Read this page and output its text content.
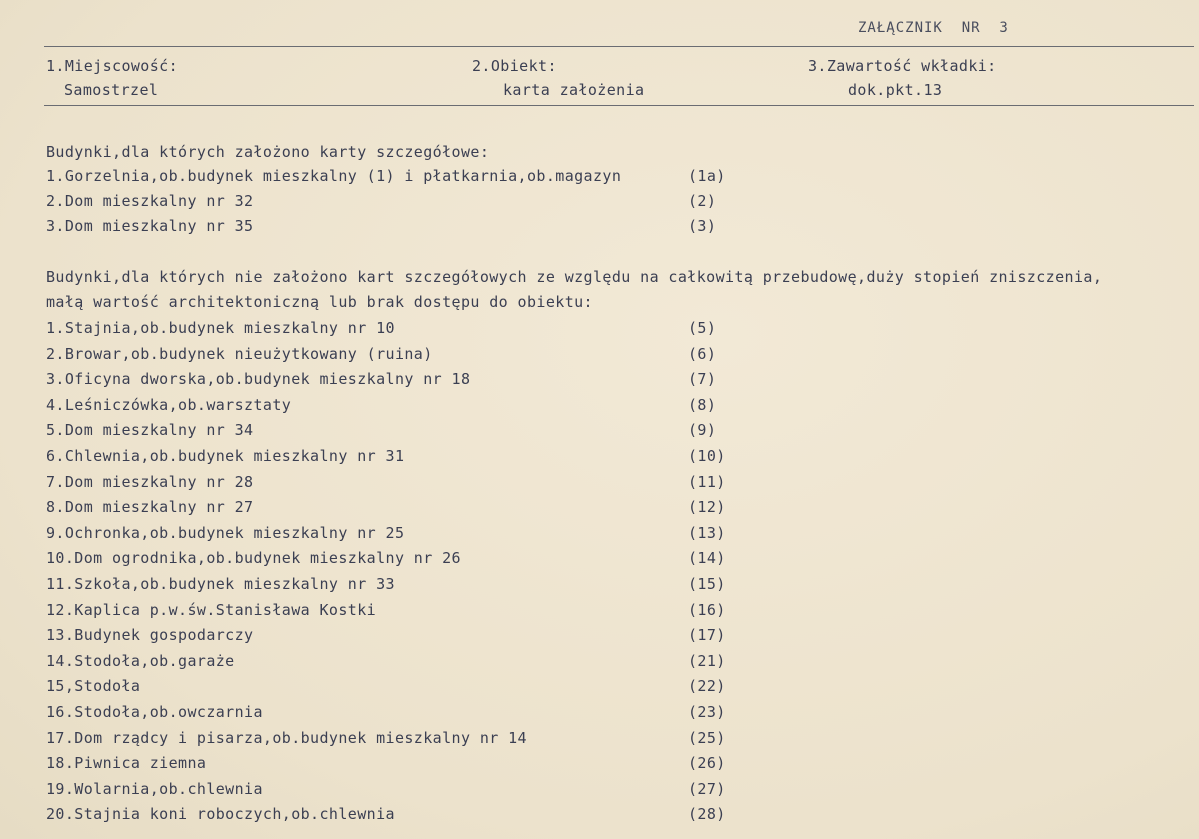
ZAŁĄCZNIK  NR  3
1.Miejscowość:
Samostrzel
2.Obiekt:
karta założenia
3.Zawartość wkładki:
dok.pkt.13
Budynki,dla których założono karty szczegółowe:
1.Gorzelnia,ob.budynek mieszkalny (1) i płatkarnia,ob.magazyn	(1a)
2.Dom mieszkalny nr 32	(2)
3.Dom mieszkalny nr 35	(3)
Budynki,dla których nie założono kart szczegółowych ze względu na całkowitą przebudowę,duży stopień zniszczenia,
małą wartość architektoniczną lub brak dostępu do obiektu:
1.Stajnia,ob.budynek mieszkalny nr 10	(5)
2.Browar,ob.budynek nieużytkowany (ruina)	(6)
3.Oficyna dworska,ob.budynek mieszkalny nr 18	(7)
4.Leśniczówka,ob.warsztaty	(8)
5.Dom mieszkalny nr 34	(9)
6.Chlewnia,ob.budynek mieszkalny nr 31	(10)
7.Dom mieszkalny nr 28	(11)
8.Dom mieszkalny nr 27	(12)
9.Ochronka,ob.budynek mieszkalny nr 25	(13)
10.Dom ogrodnika,ob.budynek mieszkalny nr 26	(14)
11.Szkoła,ob.budynek mieszkalny nr 33	(15)
12.Kaplica p.w.św.Stanisława Kostki	(16)
13.Budynek gospodarczy	(17)
14.Stodoła,ob.garaże	(21)
15,Stodoła	(22)
16.Stodoła,ob.owczarnia	(23)
17.Dom rządcy i pisarza,ob.budynek mieszkalny nr 14	(25)
18.Piwnica ziemna	(26)
19.Wolarnia,ob.chlewnia	(27)
20.Stajnia koni roboczych,ob.chlewnia	(28)
